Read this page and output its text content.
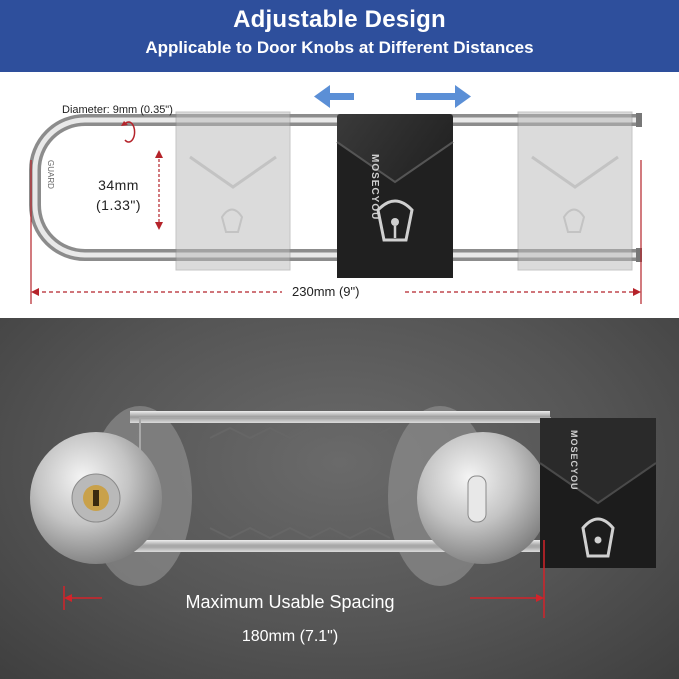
Adjustable Design
Applicable to Door Knobs at Different Distances
GUARD	MOSECYOU
Diameter: 9mm (0.35")
34mm
(1.33")
230mm (9")
MOSECYOU
Maximum Usable Spacing
180mm (7.1")
